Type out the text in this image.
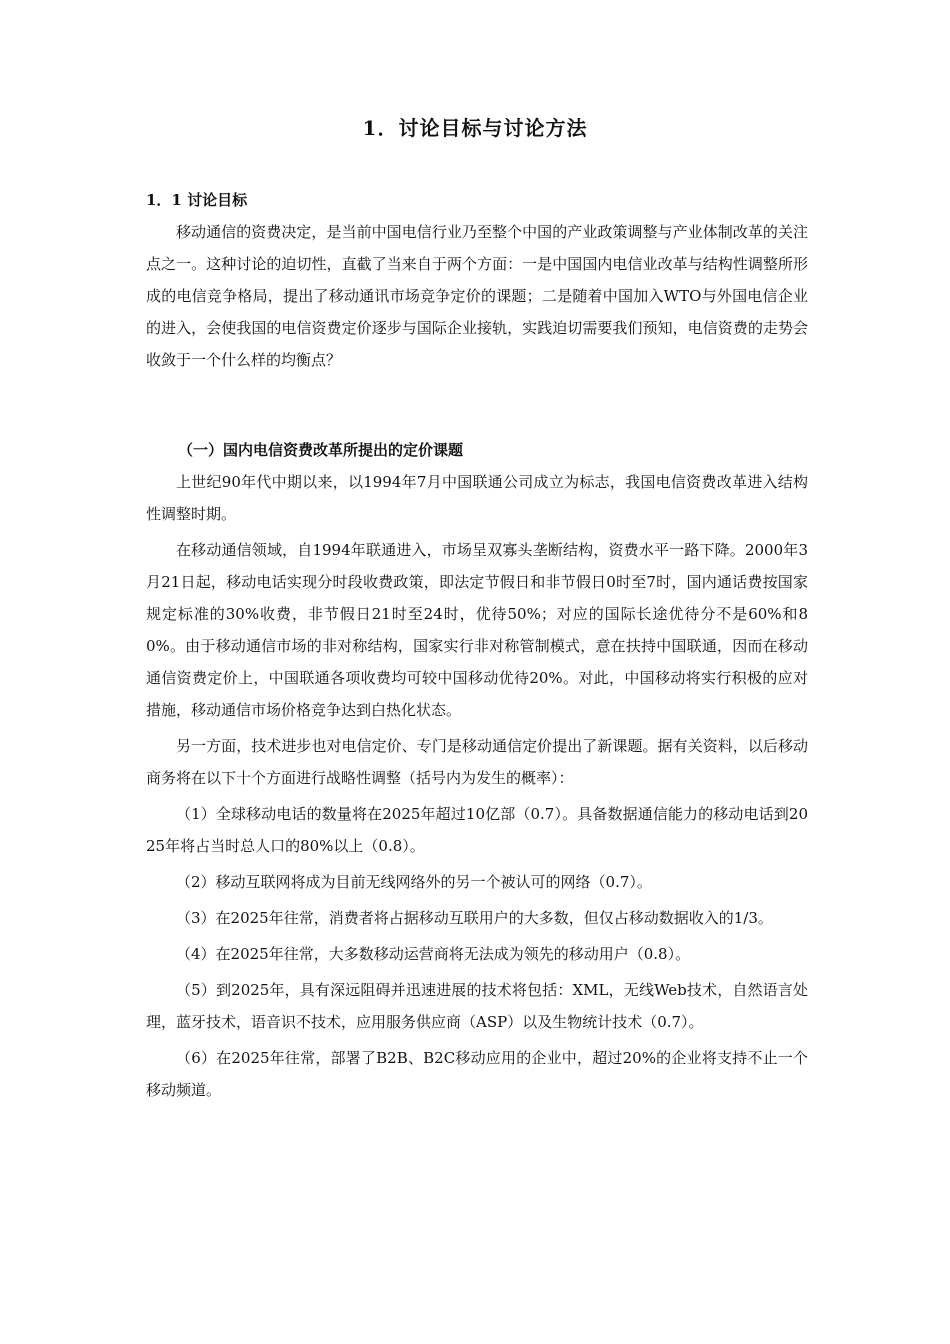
1．讨论目标与讨论方法
1．1 讨论目标

移动通信的资费决定，是当前中国电信行业乃至整个中国的产业政策调整与产业体制改革的关注点之一。这种讨论的迫切性，直截了当来自于两个方面：一是中国国内电信业改革与结构性调整所形成的电信竞争格局，提出了移动通讯市场竞争定价的课题；二是随着中国加入WTO与外国电信企业的进入，会使我国的电信资费定价逐步与国际企业接轨，实践迫切需要我们预知，电信资费的走势会收敛于一个什么样的均衡点？

（一）国内电信资费改革所提出的定价课题

上世纪90年代中期以来，以1994年7月中国联通公司成立为标志，我国电信资费改革进入结构性调整时期。

在移动通信领域，自1994年联通进入，市场呈双寡头垄断结构，资费水平一路下降。2000年3月21日起，移动电话实现分时段收费政策，即法定节假日和非节假日0时至7时，国内通话费按国家规定标准的30%收费，非节假日21时至24时，优待50%；对应的国际长途优待分不是60%和80%。由于移动通信市场的非对称结构，国家实行非对称管制模式，意在扶持中国联通，因而在移动通信资费定价上，中国联通各项收费均可较中国移动优待20%。对此，中国移动将实行积极的应对措施，移动通信市场价格竞争达到白热化状态。

另一方面，技术进步也对电信定价、专门是移动通信定价提出了新课题。据有关资料，以后移动商务将在以下十个方面进行战略性调整（括号内为发生的概率）：

（1）全球移动电话的数量将在2025年超过10亿部（0.7）。具备数据通信能力的移动电话到2025年将占当时总人口的80%以上（0.8）。

（2）移动互联网将成为目前无线网络外的另一个被认可的网络（0.7）。

（3）在2025年往常，消费者将占据移动互联用户的大多数，但仅占移动数据收入的1/3。

（4）在2025年往常，大多数移动运营商将无法成为领先的移动用户（0.8）。

（5）到2025年，具有深远阻碍并迅速进展的技术将包括：XML，无线Web技术，自然语言处理，蓝牙技术，语音识不技术，应用服务供应商（ASP）以及生物统计技术（0.7）。

（6）在2025年往常，部署了B2B、B2C移动应用的企业中，超过20%的企业将支持不止一个移动频道。
